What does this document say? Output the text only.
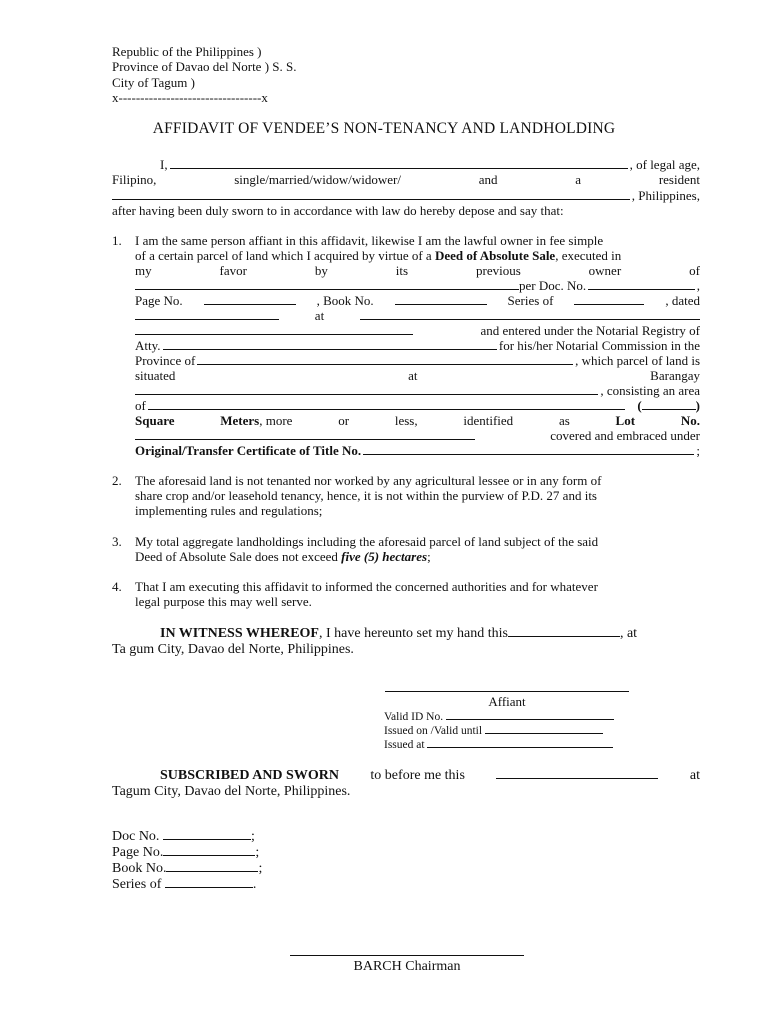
Republic of the Philippines )
Province of Davao del Norte ) S. S.
City of Tagum )
x---------------------------------x
AFFIDAVIT OF VENDEE’S NON-TENANCY AND LANDHOLDING
I,	, of legal age,
Filipino,	single/married/widow/widower/	and	a	resident
, Philippines,
after having been duly sworn to in accordance with law do hereby depose and say that:
1. I am the same person affiant in this affidavit, likewise I am the lawful owner in fee simple
of a certain parcel of land which I acquired by virtue of a Deed of Absolute Sale, executed in
my	favor	by	its	previous	owner	of
per Doc. No.	,
Page No.	, Book No.	Series of	, dated
at
and entered under the Notarial Registry of
Atty.	for his/her Notarial Commission in the
Province of	, which parcel of land is
situated	at	Barangay
, consisting an area
of	(	)
Square	Meters, more	or	less,	identified	as	Lot	No.
covered and embraced under
Original/Transfer Certificate of Title No.	;
2. The aforesaid land is not tenanted nor worked by any agricultural lessee or in any form of
share crop and/or leasehold tenancy, hence, it is not within the purview of P.D. 27 and its
implementing rules and regulations;
3. My total aggregate landholdings including the aforesaid parcel of land subject of the said
Deed of Absolute Sale does not exceed five (5) hectares;
4. That I am executing this affidavit to informed the concerned authorities and for whatever
legal purpose this may well serve.
IN WITNESS WHEREOF, I have hereunto set my hand this	, at
Ta gum City, Davao del Norte, Philippines.
Affiant
Valid ID No.
Issued on /Valid until
Issued at
SUBSCRIBED AND SWORN to before me this	at
Tagum City, Davao del Norte, Philippines.
Doc No.	;
Page No.	;
Book No.	;
Series of	.
BARCH Chairman
